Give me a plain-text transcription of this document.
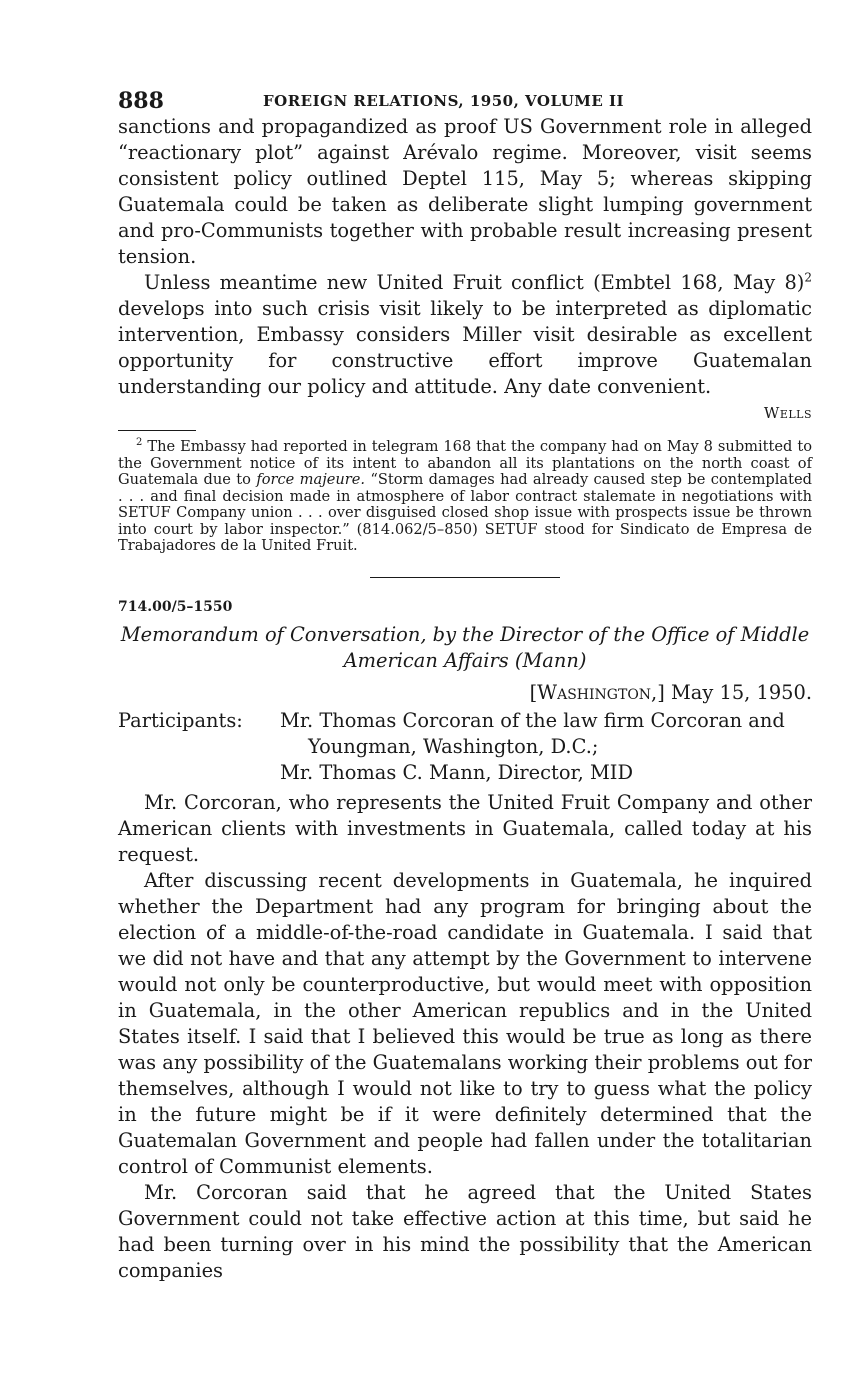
888	FOREIGN RELATIONS, 1950, VOLUME II

sanctions and propagandized as proof US Government role in alleged “reactionary plot” against Arévalo regime. Moreover, visit seems consistent policy outlined Deptel 115, May 5; whereas skipping Guatemala could be taken as deliberate slight lumping government and pro-Communists together with probable result increasing present tension.

Unless meantime new United Fruit conflict (Embtel 168, May 8)$^2$ develops into such crisis visit likely to be interpreted as diplomatic intervention, Embassy considers Miller visit desirable as excellent opportunity for constructive effort improve Guatemalan understanding our policy and attitude. Any date convenient.

Wells

$^2$ The Embassy had reported in telegram 168 that the company had on May 8 submitted to the Government notice of its intent to abandon all its plantations on the north coast of Guatemala due to force majeure. “Storm damages had already caused step be contemplated . . . and final decision made in atmosphere of labor contract stalemate in negotiations with SETUF Company union . . . over disguised closed shop issue with prospects issue be thrown into court by labor inspector.” (814.062/5–850) SETUF stood for Sindicato de Empresa de Trabajadores de la United Fruit.

714.00/5–1550
Memorandum of Conversation, by the Director of the Office of Middle American Affairs (Mann)
[Washington,] May 15, 1950.
Participants:	Mr. Thomas Corcoran of the law firm Corcoran and
Youngman, Washington, D.C.;
Mr. Thomas C. Mann, Director, MID

Mr. Corcoran, who represents the United Fruit Company and other American clients with investments in Guatemala, called today at his request.

After discussing recent developments in Guatemala, he inquired whether the Department had any program for bringing about the election of a middle-of-the-road candidate in Guatemala. I said that we did not have and that any attempt by the Government to intervene would not only be counterproductive, but would meet with opposition in Guatemala, in the other American republics and in the United States itself. I said that I believed this would be true as long as there was any possibility of the Guatemalans working their problems out for themselves, although I would not like to try to guess what the policy in the future might be if it were definitely determined that the Guatemalan Government and people had fallen under the totalitarian control of Communist elements.

Mr. Corcoran said that he agreed that the United States Government could not take effective action at this time, but said he had been turning over in his mind the possibility that the American companies
